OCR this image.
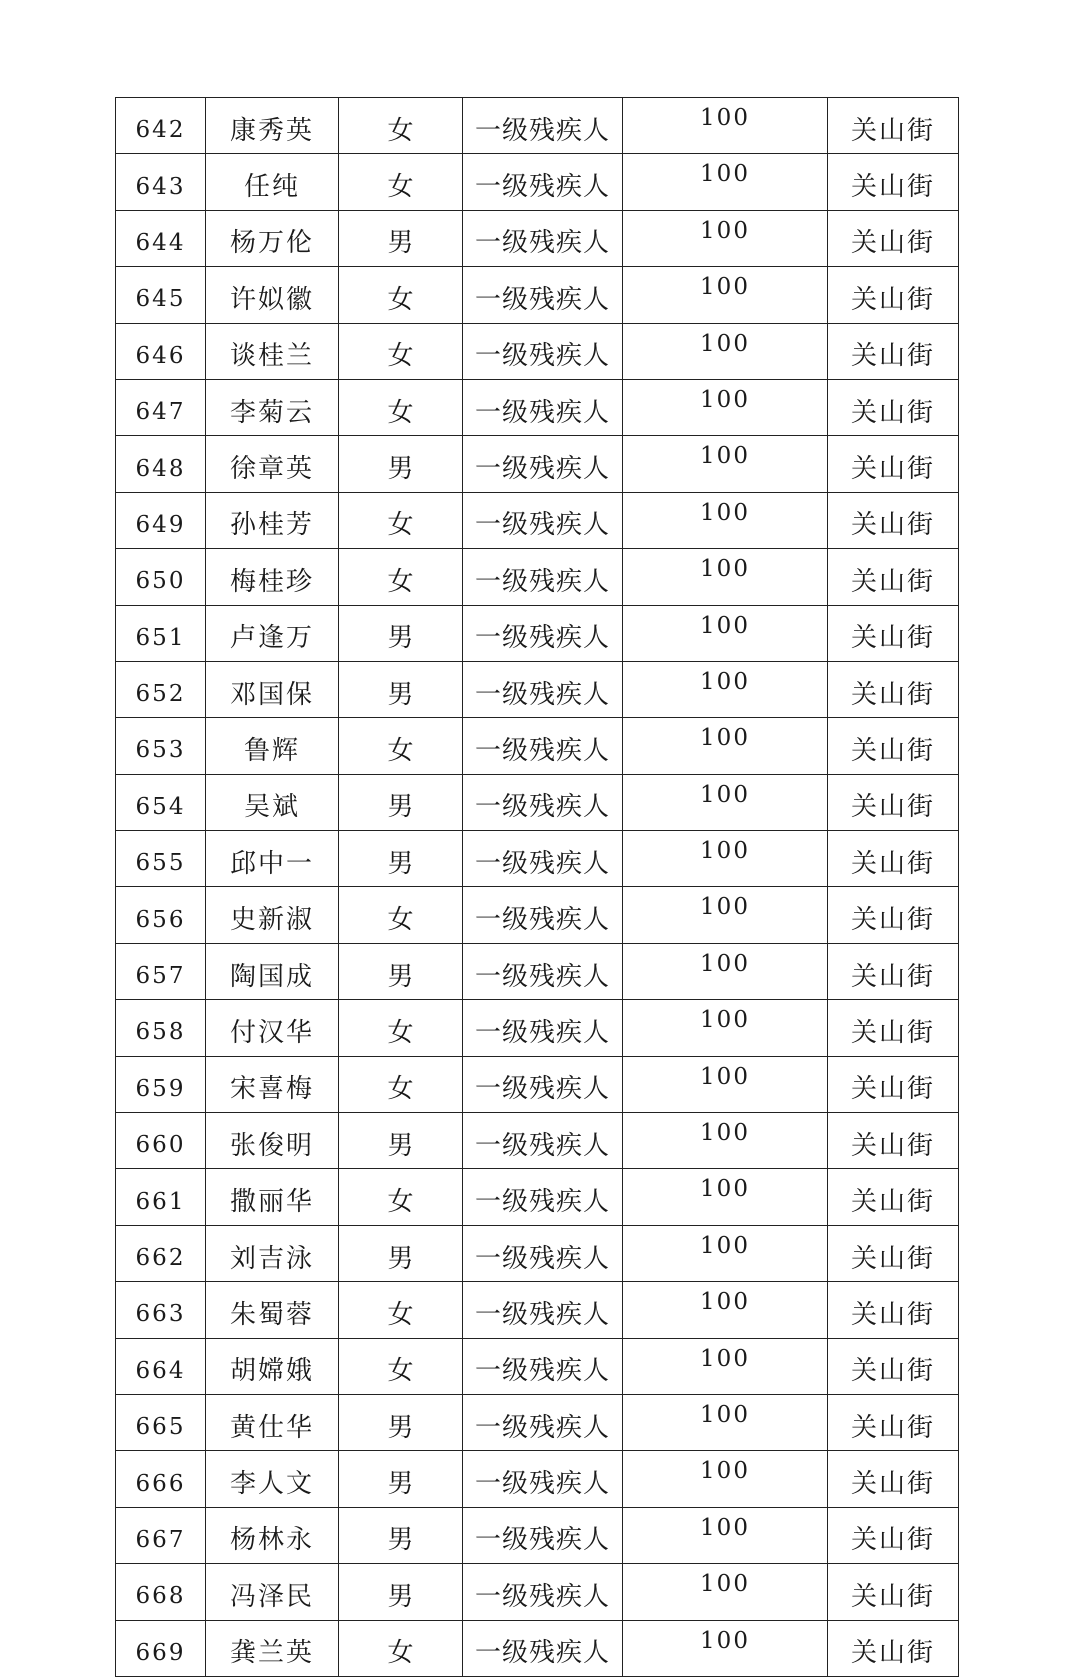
642	康秀英	女	一级残疾人	100	关山街
643	任纯	女	一级残疾人	100	关山街
644	杨万伦	男	一级残疾人	100	关山街
645	许姒徽	女	一级残疾人	100	关山街
646	谈桂兰	女	一级残疾人	100	关山街
647	李菊云	女	一级残疾人	100	关山街
648	徐章英	男	一级残疾人	100	关山街
649	孙桂芳	女	一级残疾人	100	关山街
650	梅桂珍	女	一级残疾人	100	关山街
651	卢逢万	男	一级残疾人	100	关山街
652	邓国保	男	一级残疾人	100	关山街
653	鲁辉	女	一级残疾人	100	关山街
654	吴斌	男	一级残疾人	100	关山街
655	邱中一	男	一级残疾人	100	关山街
656	史新淑	女	一级残疾人	100	关山街
657	陶国成	男	一级残疾人	100	关山街
658	付汉华	女	一级残疾人	100	关山街
659	宋喜梅	女	一级残疾人	100	关山街
660	张俊明	男	一级残疾人	100	关山街
661	撒丽华	女	一级残疾人	100	关山街
662	刘吉泳	男	一级残疾人	100	关山街
663	朱蜀蓉	女	一级残疾人	100	关山街
664	胡嫦娥	女	一级残疾人	100	关山街
665	黄仕华	男	一级残疾人	100	关山街
666	李人文	男	一级残疾人	100	关山街
667	杨林永	男	一级残疾人	100	关山街
668	冯泽民	男	一级残疾人	100	关山街
669	龚兰英	女	一级残疾人	100	关山街
